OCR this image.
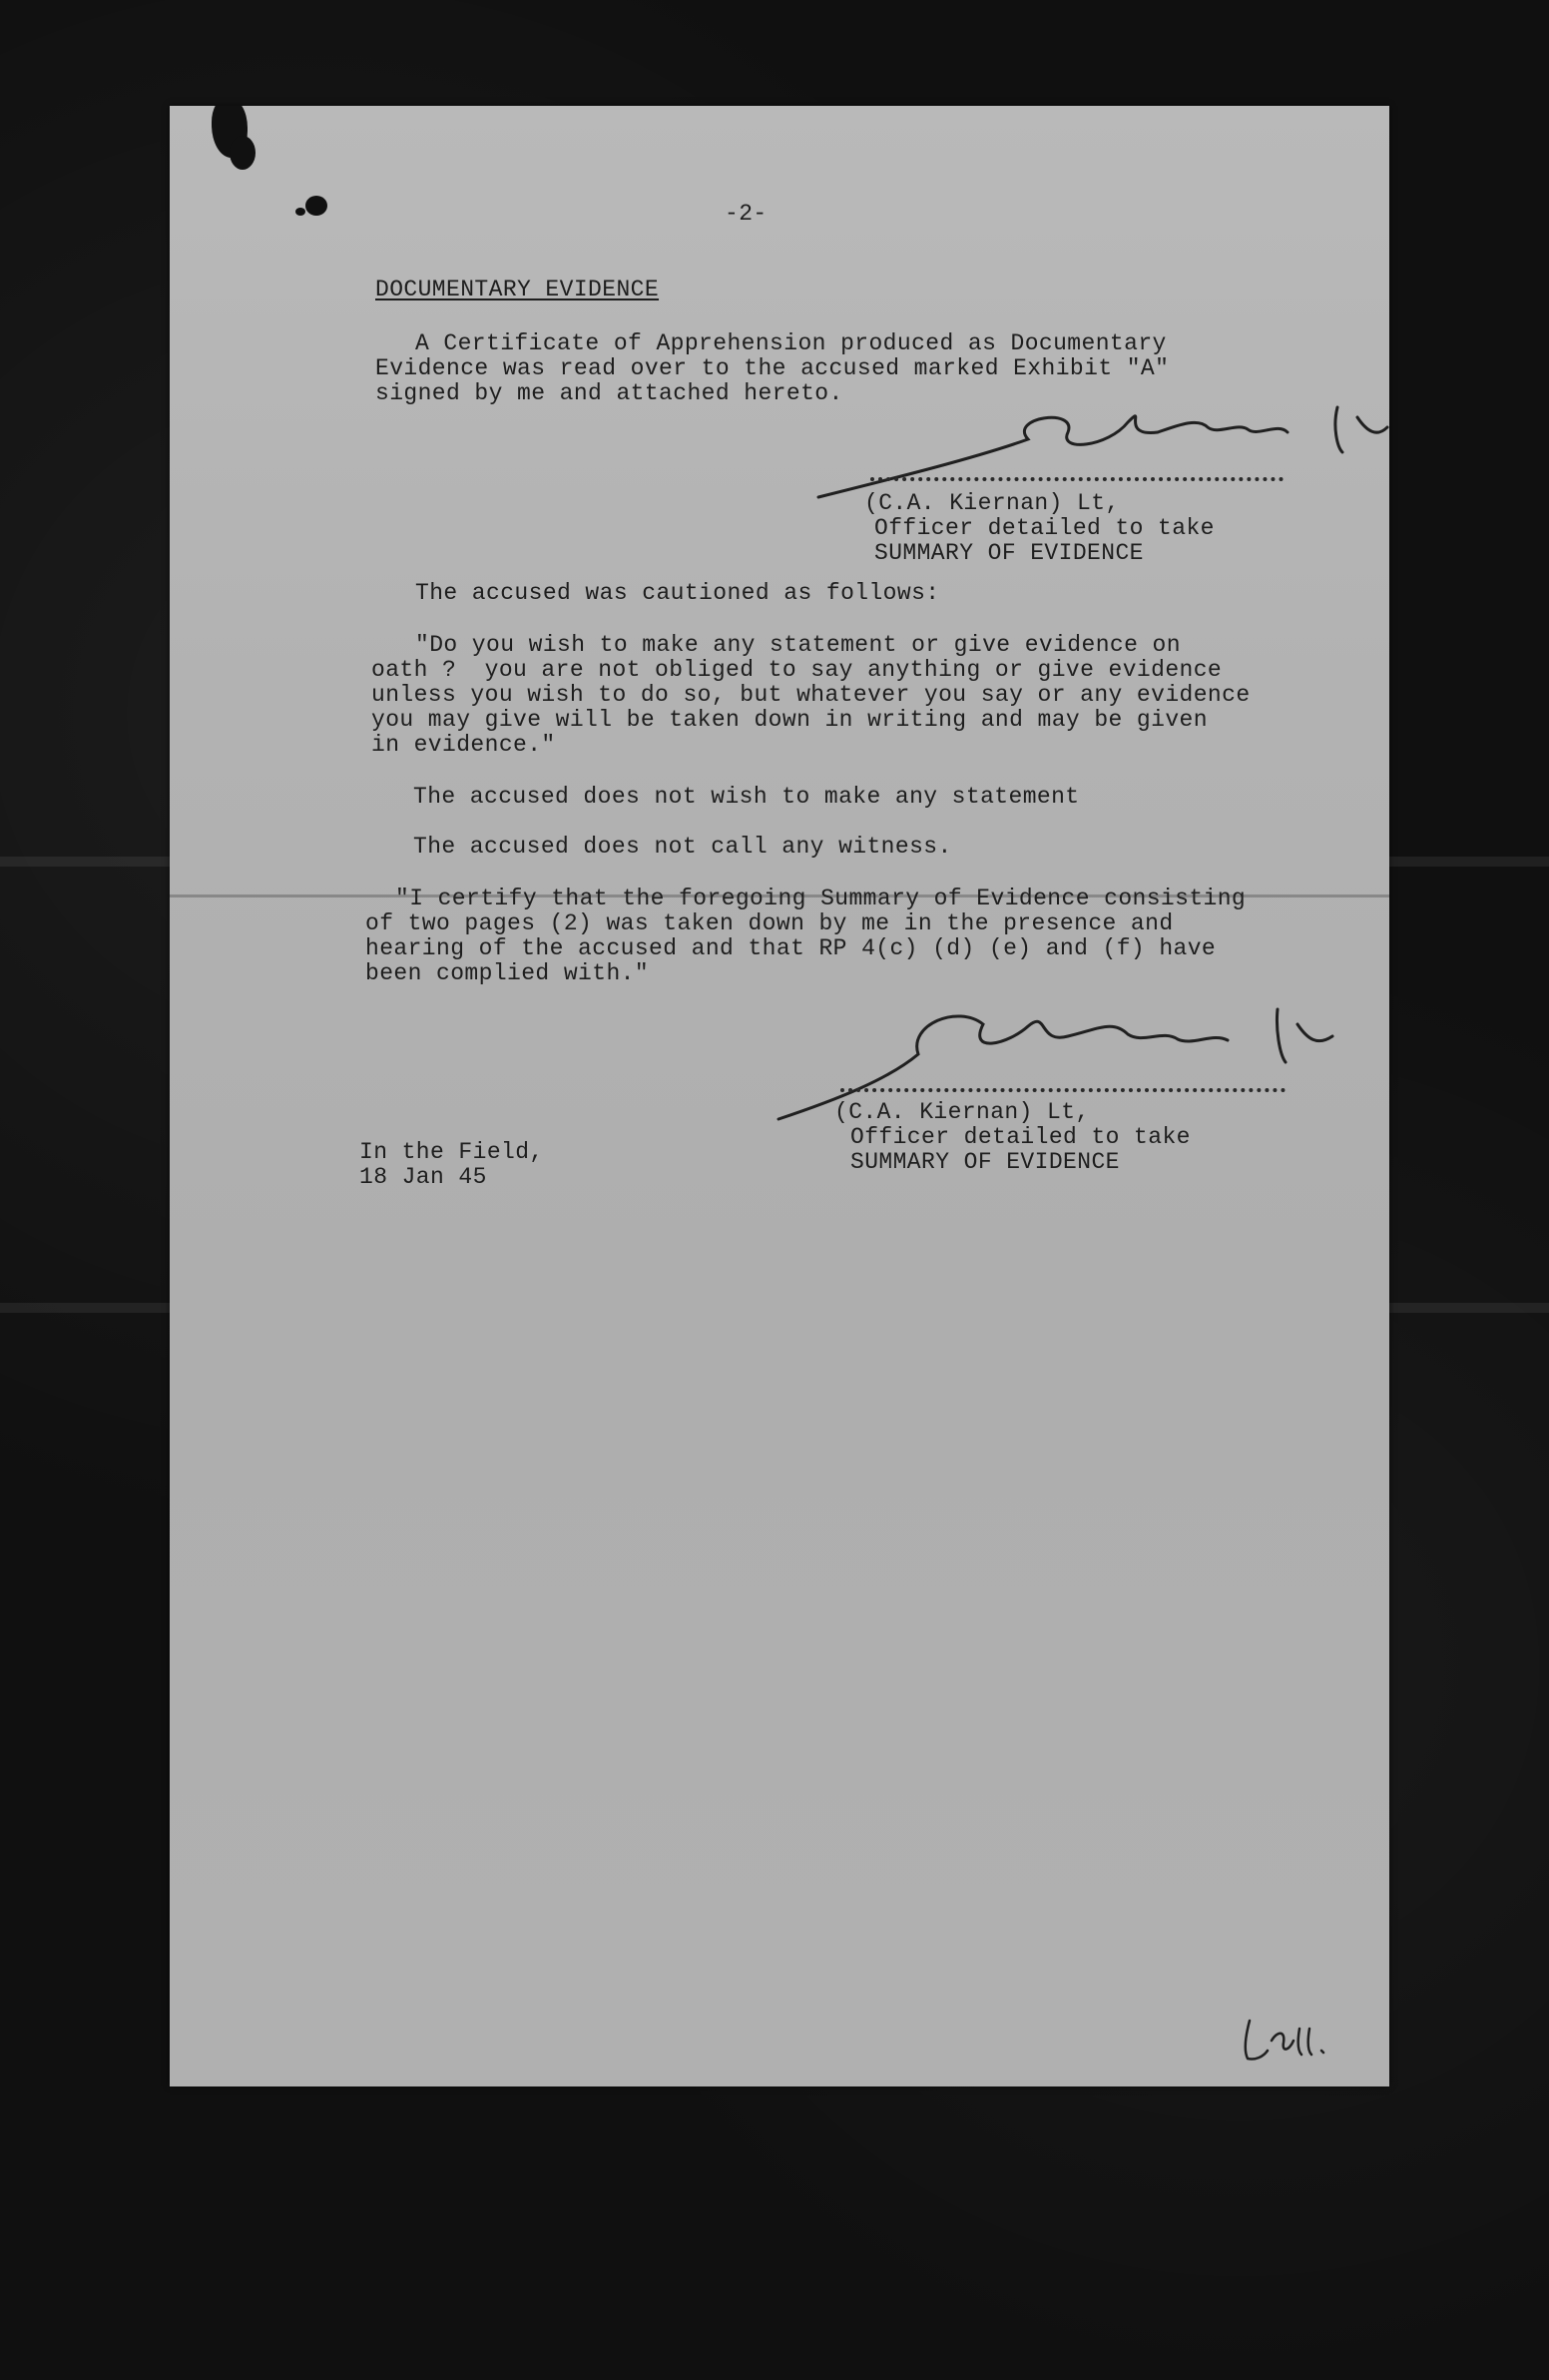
-2-
DOCUMENTARY EVIDENCE
A Certificate of Apprehension produced as Documentary
Evidence was read over to the accused marked Exhibit "A"
signed by me and attached hereto.
(C.A. Kiernan) Lt,
Officer detailed to take
SUMMARY OF EVIDENCE
The accused was cautioned as follows:
"Do you wish to make any statement or give evidence on
oath ?  you are not obliged to say anything or give evidence
unless you wish to do so, but whatever you say or any evidence
you may give will be taken down in writing and may be given
in evidence."
The accused does not wish to make any statement
The accused does not call any witness.
"I certify that the foregoing Summary of Evidence consisting
of two pages (2) was taken down by me in the presence and
hearing of the accused and that RP 4(c) (d) (e) and (f) have
been complied with."
(C.A. Kiernan) Lt,
Officer detailed to take
SUMMARY OF EVIDENCE
In the Field,
18 Jan 45
